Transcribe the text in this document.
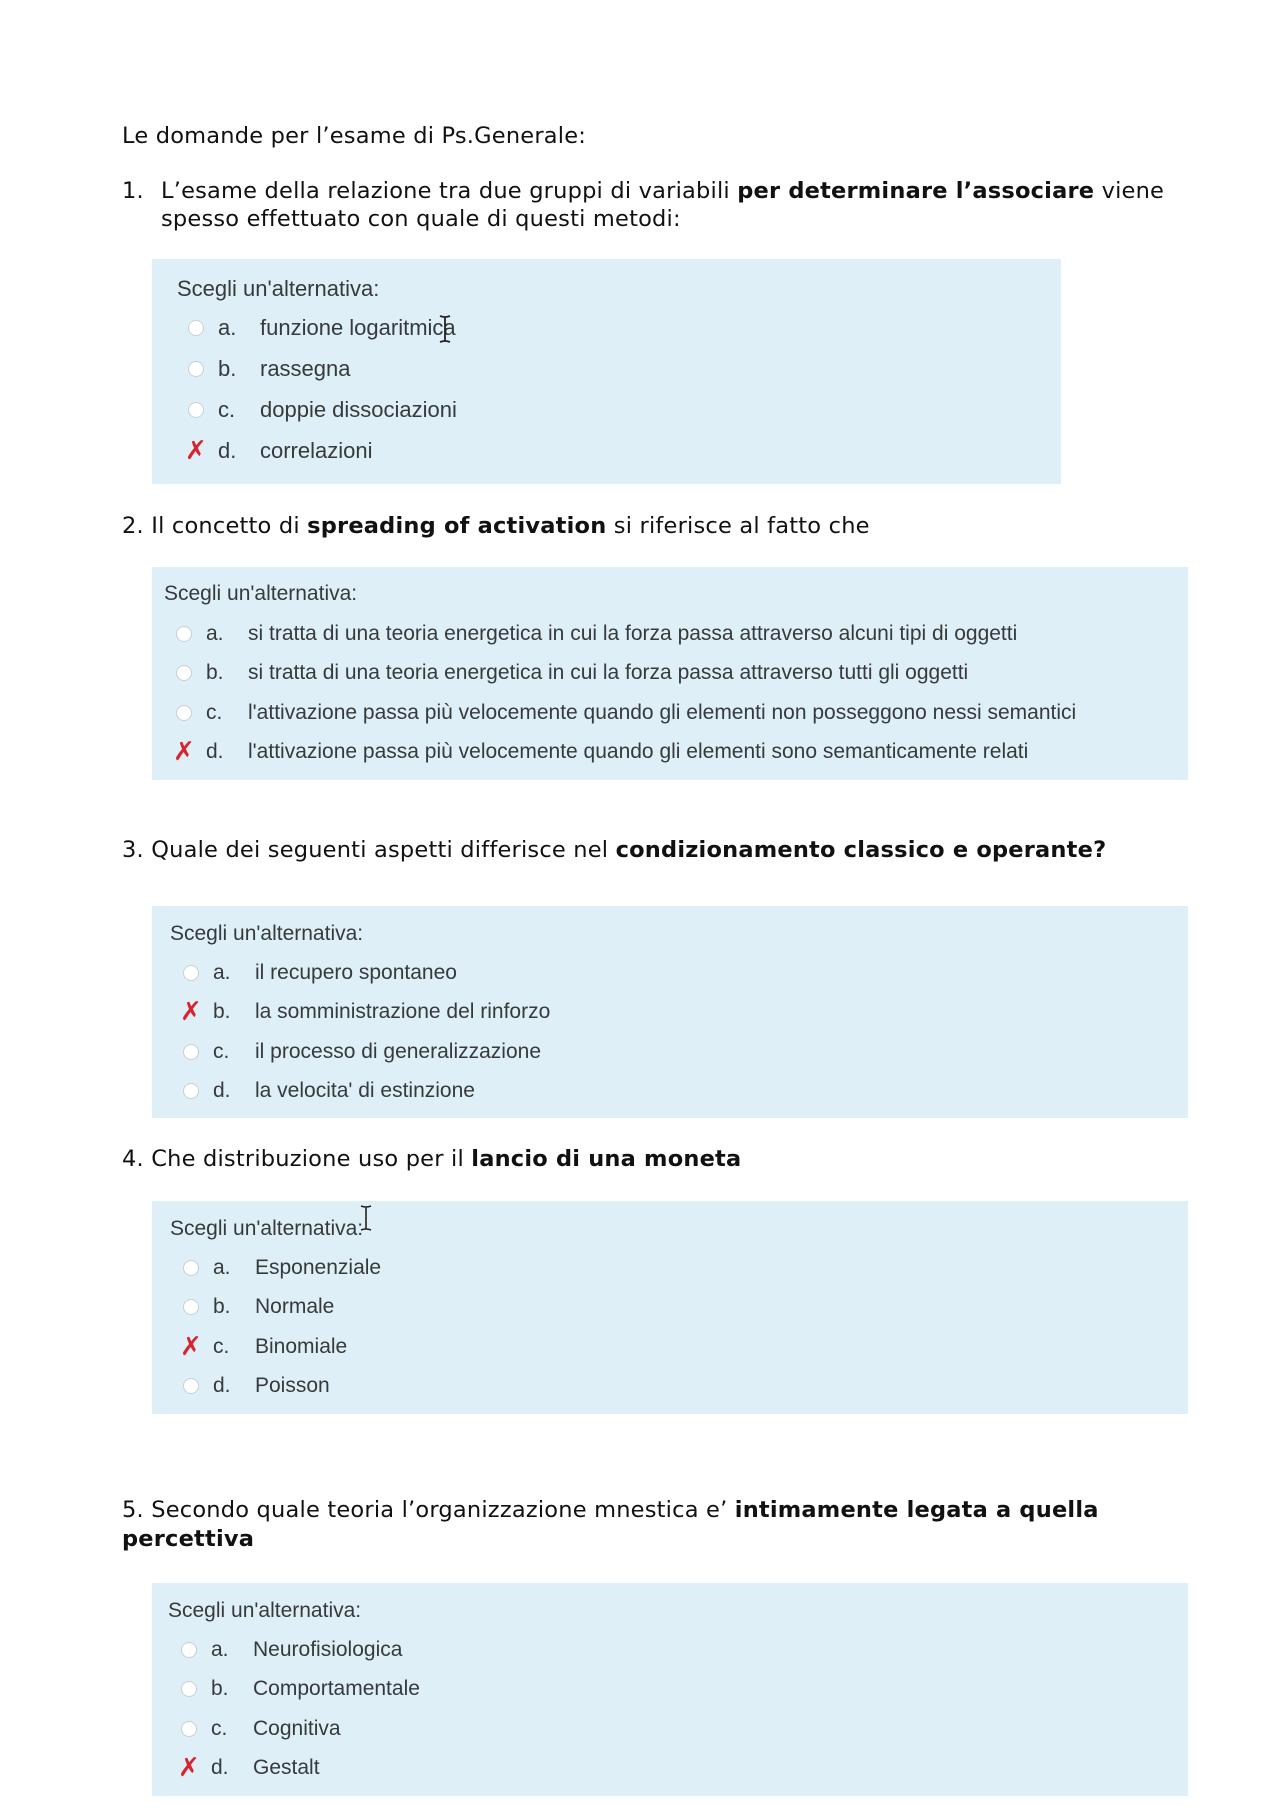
Le domande per l’esame di Ps.Generale:
1. L’esame della relazione tra due gruppi di variabili per determinare l’associare viene
spesso effettuato con quale di questi metodi:
Scegli un'alternativa:
a. funzione logaritmica
b. rassegna
c. doppie dissociazioni
✗ d. correlazioni
2. Il concetto di spreading of activation si riferisce al fatto che
Scegli un'alternativa:
a. si tratta di una teoria energetica in cui la forza passa attraverso alcuni tipi di oggetti
b. si tratta di una teoria energetica in cui la forza passa attraverso tutti gli oggetti
c. l'attivazione passa più velocemente quando gli elementi non posseggono nessi semantici
✗ d. l'attivazione passa più velocemente quando gli elementi sono semanticamente relati
3. Quale dei seguenti aspetti differisce nel condizionamento classico e operante?
Scegli un'alternativa:
a. il recupero spontaneo
✗ b. la somministrazione del rinforzo
c. il processo di generalizzazione
d. la velocita' di estinzione
4. Che distribuzione uso per il lancio di una moneta
Scegli un'alternativa:
a. Esponenziale
b. Normale
✗ c. Binomiale
d. Poisson
5. Secondo quale teoria l’organizzazione mnestica e’ intimamente legata a quella
percettiva
Scegli un'alternativa:
a. Neurofisiologica
b. Comportamentale
c. Cognitiva
✗ d. Gestalt
